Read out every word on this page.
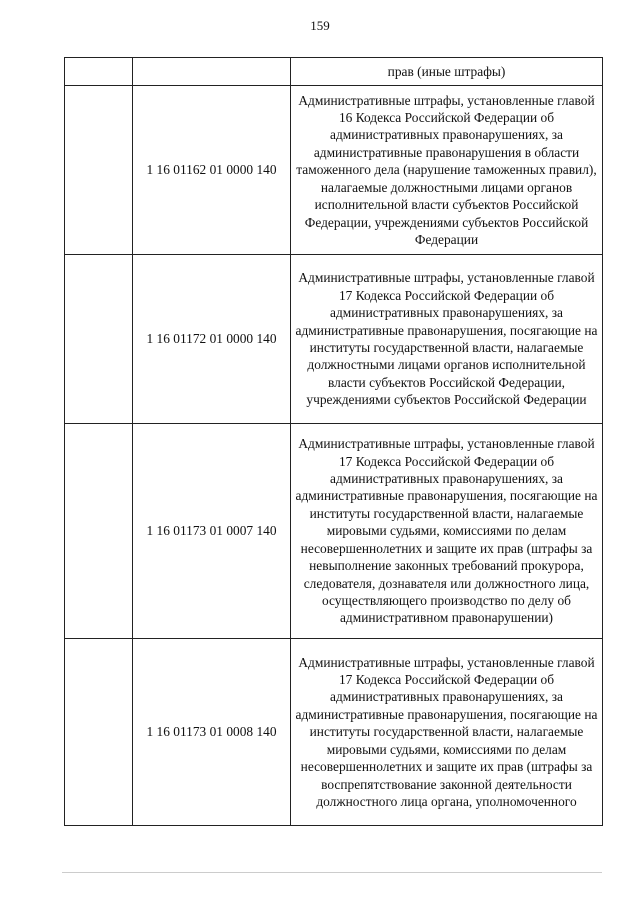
159
		прав (иные штрафы)
	1 16 01162 01 0000 140	Административные штрафы, установленные главой 16 Кодекса Российской Федерации об административных правонарушениях, за административные правонарушения в области таможенного дела (нарушение таможенных правил), налагаемые должностными лицами органов исполнительной власти субъектов Российской Федерации, учреждениями субъектов Российской Федерации
	1 16 01172 01 0000 140	Административные штрафы, установленные главой 17 Кодекса Российской Федерации об административных правонарушениях, за административные правонарушения, посягающие на институты государственной власти, налагаемые должностными лицами органов исполнительной власти субъектов Российской Федерации, учреждениями субъектов Российской Федерации
	1 16 01173 01 0007 140	Административные штрафы, установленные главой 17 Кодекса Российской Федерации об административных правонарушениях, за административные правонарушения, посягающие на институты государственной власти, налагаемые мировыми судьями, комиссиями по делам несовершеннолетних и защите их прав (штрафы за невыполнение законных требований прокурора, следователя, дознавателя или должностного лица, осуществляющего производство по делу об административном правонарушении)
	1 16 01173 01 0008 140	Административные штрафы, установленные главой 17 Кодекса Российской Федерации об административных правонарушениях, за административные правонарушения, посягающие на институты государственной власти, налагаемые мировыми судьями, комиссиями по делам несовершеннолетних и защите их прав (штрафы за воспрепятствование законной деятельности должностного лица органа, уполномоченного
